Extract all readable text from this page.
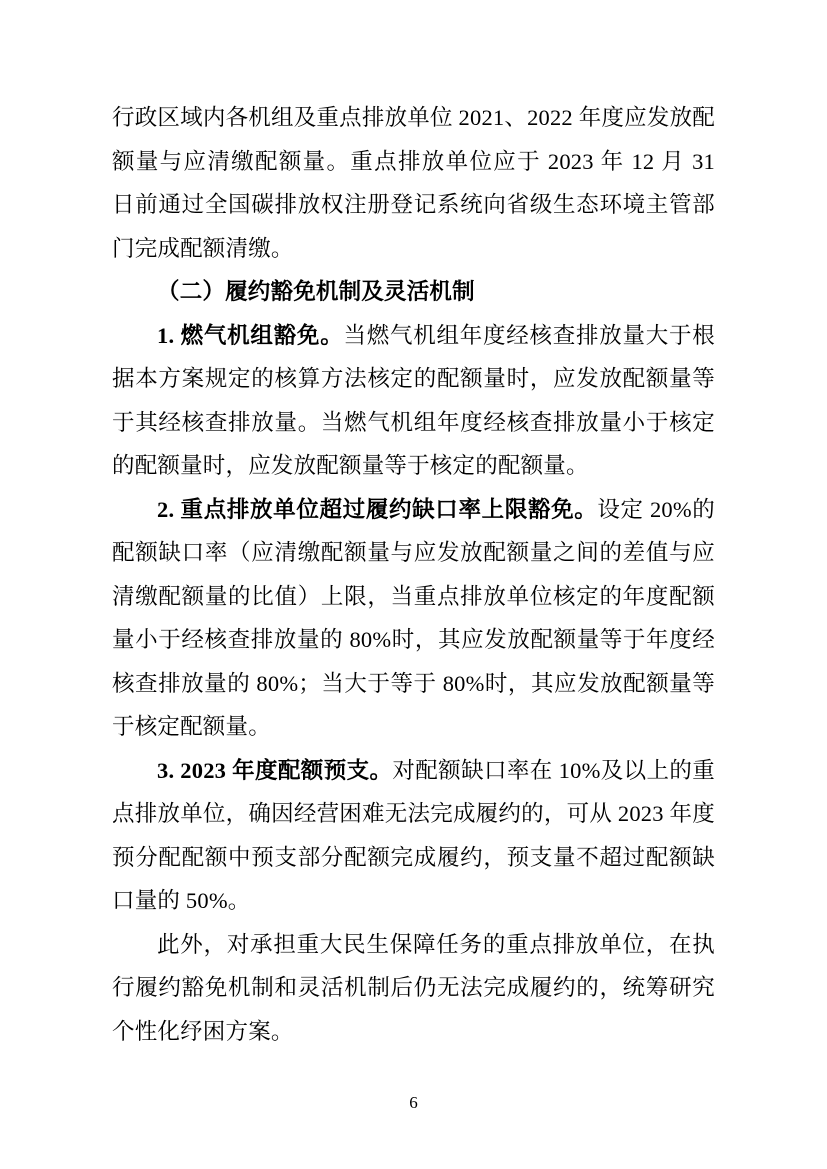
行政区域内各机组及重点排放单位 2021、2022 年度应发放配额量与应清缴配额量。重点排放单位应于 2023 年 12 月 31 日前通过全国碳排放权注册登记系统向省级生态环境主管部门完成配额清缴。

（二）履约豁免机制及灵活机制

1. 燃气机组豁免。当燃气机组年度经核查排放量大于根据本方案规定的核算方法核定的配额量时，应发放配额量等于其经核查排放量。当燃气机组年度经核查排放量小于核定的配额量时，应发放配额量等于核定的配额量。

2. 重点排放单位超过履约缺口率上限豁免。设定 20%的配额缺口率（应清缴配额量与应发放配额量之间的差值与应清缴配额量的比值）上限，当重点排放单位核定的年度配额量小于经核查排放量的 80%时，其应发放配额量等于年度经核查排放量的 80%；当大于等于 80%时，其应发放配额量等于核定配额量。

3. 2023 年度配额预支。对配额缺口率在 10%及以上的重点排放单位，确因经营困难无法完成履约的，可从 2023 年度预分配配额中预支部分配额完成履约，预支量不超过配额缺口量的 50%。

此外，对承担重大民生保障任务的重点排放单位，在执行履约豁免机制和灵活机制后仍无法完成履约的，统筹研究个性化纾困方案。

6
